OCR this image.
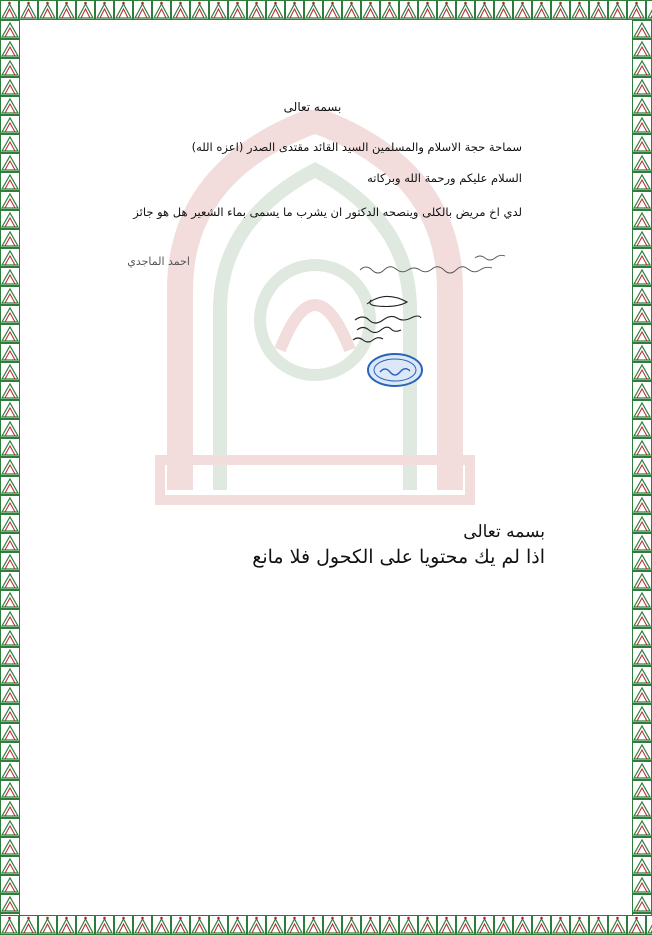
بسمه تعالى
سماحة حجة الاسلام والمسلمين السيد القائد مقتدى الصدر (اعزه الله)
السلام عليكم ورحمة الله وبركاته
لدي اخ مريض بالكلى وينصحه الدكتور ان يشرب ما يسمى بماء الشعير هل هو جائز
احمد الماجدي
بسمه تعالى
اذا لم يك محتويا على الكحول فلا مانع
